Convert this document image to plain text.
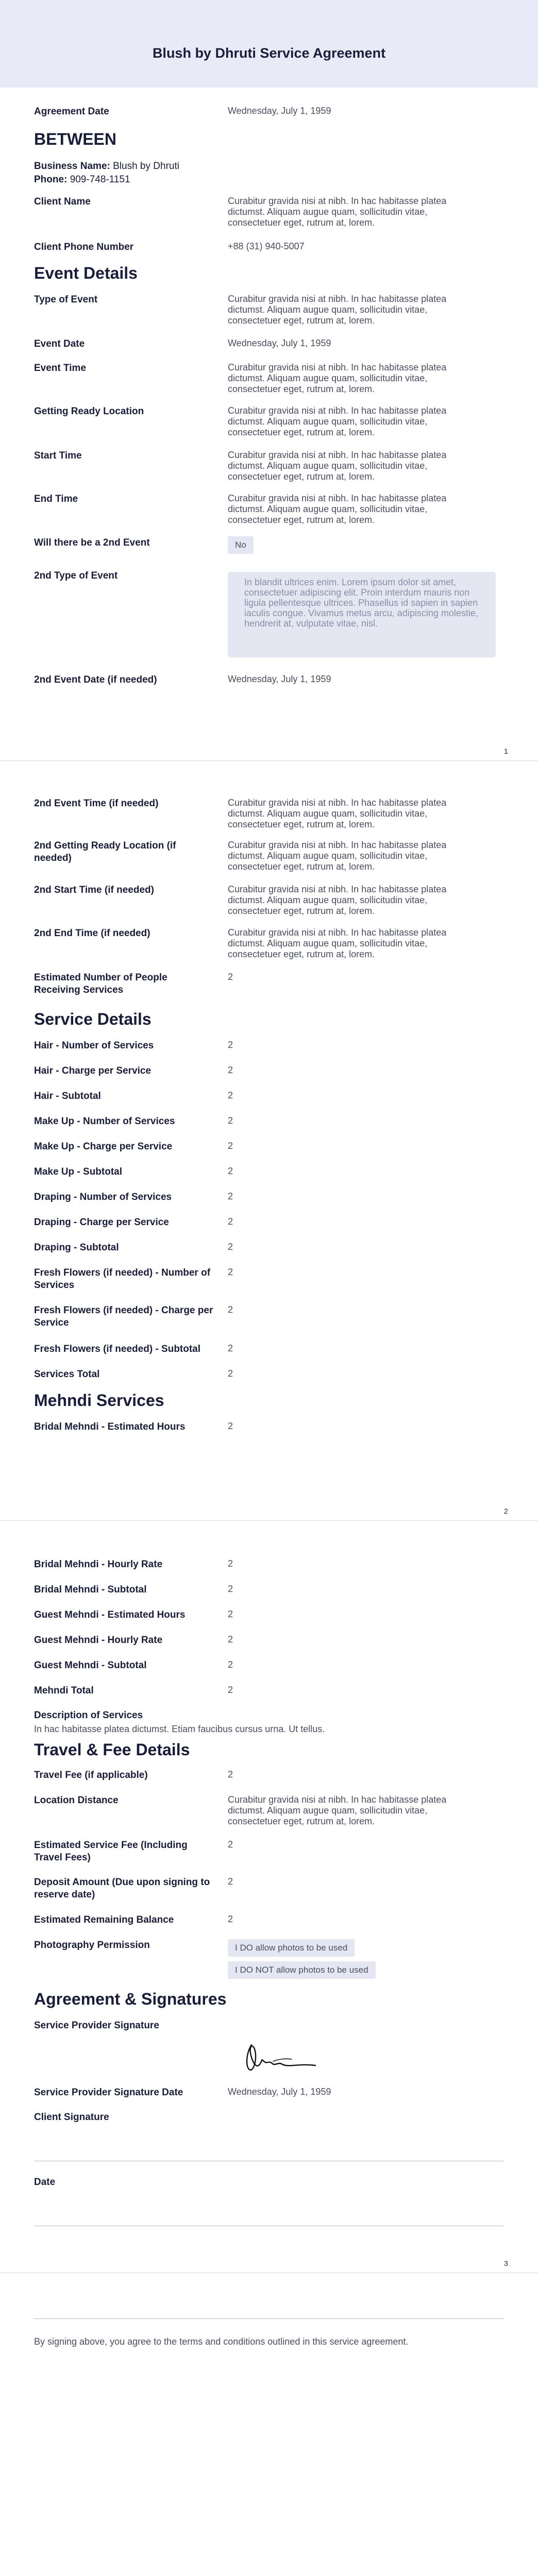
Blush by Dhruti Service Agreement
Agreement Date	Wednesday, July 1, 1959
BETWEEN
Business Name: Blush by Dhruti
Phone: 909-748-1151
Client Name	Curabitur gravida nisi at nibh. In hac habitasse platea dictumst. Aliquam augue quam, sollicitudin vitae, consectetuer eget, rutrum at, lorem.
Client Phone Number	+88 (31) 940-5007
Event Details
Type of Event	Curabitur gravida nisi at nibh. In hac habitasse platea dictumst. Aliquam augue quam, sollicitudin vitae, consectetuer eget, rutrum at, lorem.
Event Date	Wednesday, July 1, 1959
Event Time	Curabitur gravida nisi at nibh. In hac habitasse platea dictumst. Aliquam augue quam, sollicitudin vitae, consectetuer eget, rutrum at, lorem.
Getting Ready Location	Curabitur gravida nisi at nibh. In hac habitasse platea dictumst. Aliquam augue quam, sollicitudin vitae, consectetuer eget, rutrum at, lorem.
Start Time	Curabitur gravida nisi at nibh. In hac habitasse platea dictumst. Aliquam augue quam, sollicitudin vitae, consectetuer eget, rutrum at, lorem.
End Time	Curabitur gravida nisi at nibh. In hac habitasse platea dictumst. Aliquam augue quam, sollicitudin vitae, consectetuer eget, rutrum at, lorem.
Will there be a 2nd Event	No
2nd Type of Event
In blandit ultrices enim. Lorem ipsum dolor sit amet, consectetuer adipiscing elit. Proin interdum mauris non ligula pellentesque ultrices. Phasellus id sapien in sapien iaculis congue. Vivamus metus arcu, adipiscing molestie, hendrerit at, vulputate vitae, nisl.
2nd Event Date (if needed)	Wednesday, July 1, 1959
1
2nd Event Time (if needed)	Curabitur gravida nisi at nibh. In hac habitasse platea dictumst. Aliquam augue quam, sollicitudin vitae, consectetuer eget, rutrum at, lorem.
2nd Getting Ready Location (if needed)
Curabitur gravida nisi at nibh. In hac habitasse platea dictumst. Aliquam augue quam, sollicitudin vitae, consectetuer eget, rutrum at, lorem.
2nd Start Time (if needed)	Curabitur gravida nisi at nibh. In hac habitasse platea dictumst. Aliquam augue quam, sollicitudin vitae, consectetuer eget, rutrum at, lorem.
2nd End Time (if needed)	Curabitur gravida nisi at nibh. In hac habitasse platea dictumst. Aliquam augue quam, sollicitudin vitae, consectetuer eget, rutrum at, lorem.
Estimated Number of People Receiving Services
2
Service Details
Hair - Number of Services	2
Hair - Charge per Service	2
Hair - Subtotal	2
Make Up - Number of Services	2
Make Up - Charge per Service	2
Make Up - Subtotal	2
Draping - Number of Services	2
Draping - Charge per Service	2
Draping - Subtotal	2
Fresh Flowers (if needed) - Number of Services
2
Fresh Flowers (if needed) - Charge per Service
2
Fresh Flowers (if needed) - Subtotal	2
Services Total	2
Mehndi Services
Bridal Mehndi - Estimated Hours	2
2
Bridal Mehndi - Hourly Rate	2
Bridal Mehndi - Subtotal	2
Guest Mehndi - Estimated Hours	2
Guest Mehndi - Hourly Rate	2
Guest Mehndi - Subtotal	2
Mehndi Total	2
Description of Services
In hac habitasse platea dictumst. Etiam faucibus cursus urna. Ut tellus.
Travel & Fee Details
Travel Fee (if applicable)	2
Location Distance	Curabitur gravida nisi at nibh. In hac habitasse platea dictumst. Aliquam augue quam, sollicitudin vitae, consectetuer eget, rutrum at, lorem.
Estimated Service Fee (Including Travel Fees)
2
Deposit Amount (Due upon signing to reserve date)
2
Estimated Remaining Balance	2
Photography Permission	I DO allow photos to be used
I DO NOT allow photos to be used
Agreement & Signatures
Service Provider Signature
Service Provider Signature Date	Wednesday, July 1, 1959
Client Signature
Date
3
By signing above, you agree to the terms and conditions outlined in this service agreement.
